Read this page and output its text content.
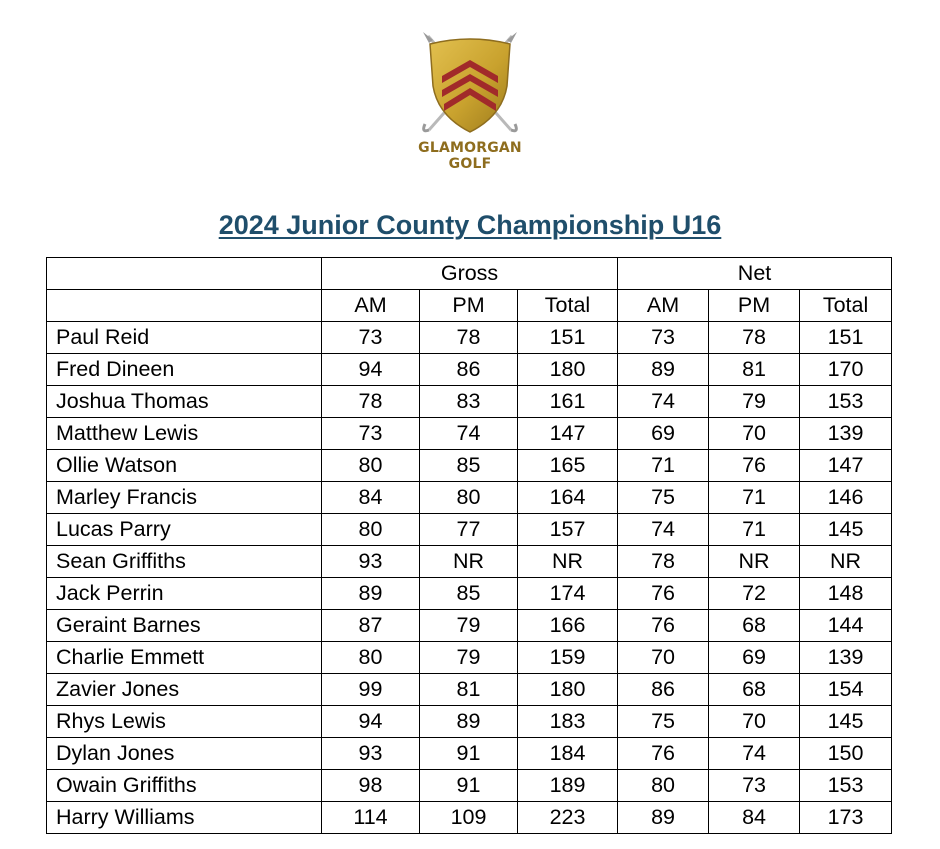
GLAMORGAN GOLF
2024 Junior County Championship U16
	Gross			Net		
	AM	PM	Total	AM	PM	Total
Paul Reid	73	78	151	73	78	151
Fred Dineen	94	86	180	89	81	170
Joshua Thomas	78	83	161	74	79	153
Matthew Lewis	73	74	147	69	70	139
Ollie Watson	80	85	165	71	76	147
Marley Francis	84	80	164	75	71	146
Lucas Parry	80	77	157	74	71	145
Sean Griffiths	93	NR	NR	78	NR	NR
Jack Perrin	89	85	174	76	72	148
Geraint Barnes	87	79	166	76	68	144
Charlie Emmett	80	79	159	70	69	139
Zavier Jones	99	81	180	86	68	154
Rhys Lewis	94	89	183	75	70	145
Dylan Jones	93	91	184	76	74	150
Owain Griffiths	98	91	189	80	73	153
Harry Williams	114	109	223	89	84	173
